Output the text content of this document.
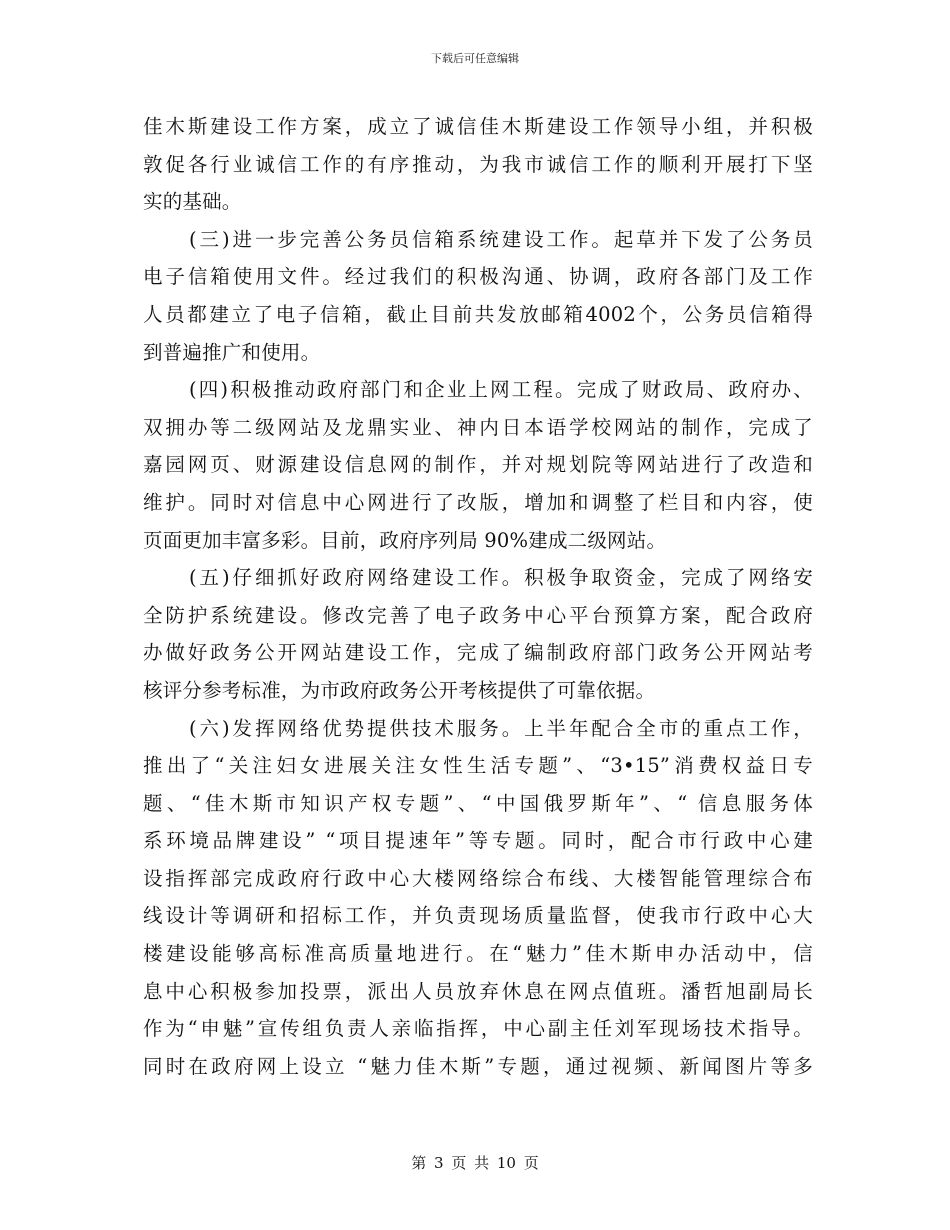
下载后可任意编辑
佳木斯建设工作方案，成立了诚信佳木斯建设工作领导小组，并积极
敦促各行业诚信工作的有序推动，为我市诚信工作的顺利开展打下坚
实的基础。
(三)进一步完善公务员信箱系统建设工作。起草并下发了公务员
电子信箱使用文件。经过我们的积极沟通、协调，政府各部门及工作
人员都建立了电子信箱，截止目前共发放邮箱4002个，公务员信箱得
到普遍推广和使用。
(四)积极推动政府部门和企业上网工程。完成了财政局、政府办、
双拥办等二级网站及龙鼎实业、神内日本语学校网站的制作，完成了
嘉园网页、财源建设信息网的制作，并对规划院等网站进行了改造和
维护。同时对信息中心网进行了改版，增加和调整了栏目和内容，使
页面更加丰富多彩。目前，政府序列局 90%建成二级网站。
(五)仔细抓好政府网络建设工作。积极争取资金，完成了网络安
全防护系统建设。修改完善了电子政务中心平台预算方案，配合政府
办做好政务公开网站建设工作，完成了编制政府部门政务公开网站考
核评分参考标准，为市政府政务公开考核提供了可靠依据。
(六)发挥网络优势提供技术服务。上半年配合全市的重点工作，
推出了“关注妇女进展关注女性生活专题”、“3•15”消费权益日专
题、“佳木斯市知识产权专题”、“中国俄罗斯年”、“ 信息服务体
系环境品牌建设” “项目提速年”等专题。同时，配合市行政中心建
设指挥部完成政府行政中心大楼网络综合布线、大楼智能管理综合布
线设计等调研和招标工作，并负责现场质量监督，使我市行政中心大
楼建设能够高标准高质量地进行。在“魅力”佳木斯申办活动中，信
息中心积极参加投票，派出人员放弃休息在网点值班。潘哲旭副局长
作为“申魅”宣传组负责人亲临指挥，中心副主任刘军现场技术指导。
同时在政府网上设立 “魅力佳木斯”专题，通过视频、新闻图片等多
第 3 页 共 10 页
